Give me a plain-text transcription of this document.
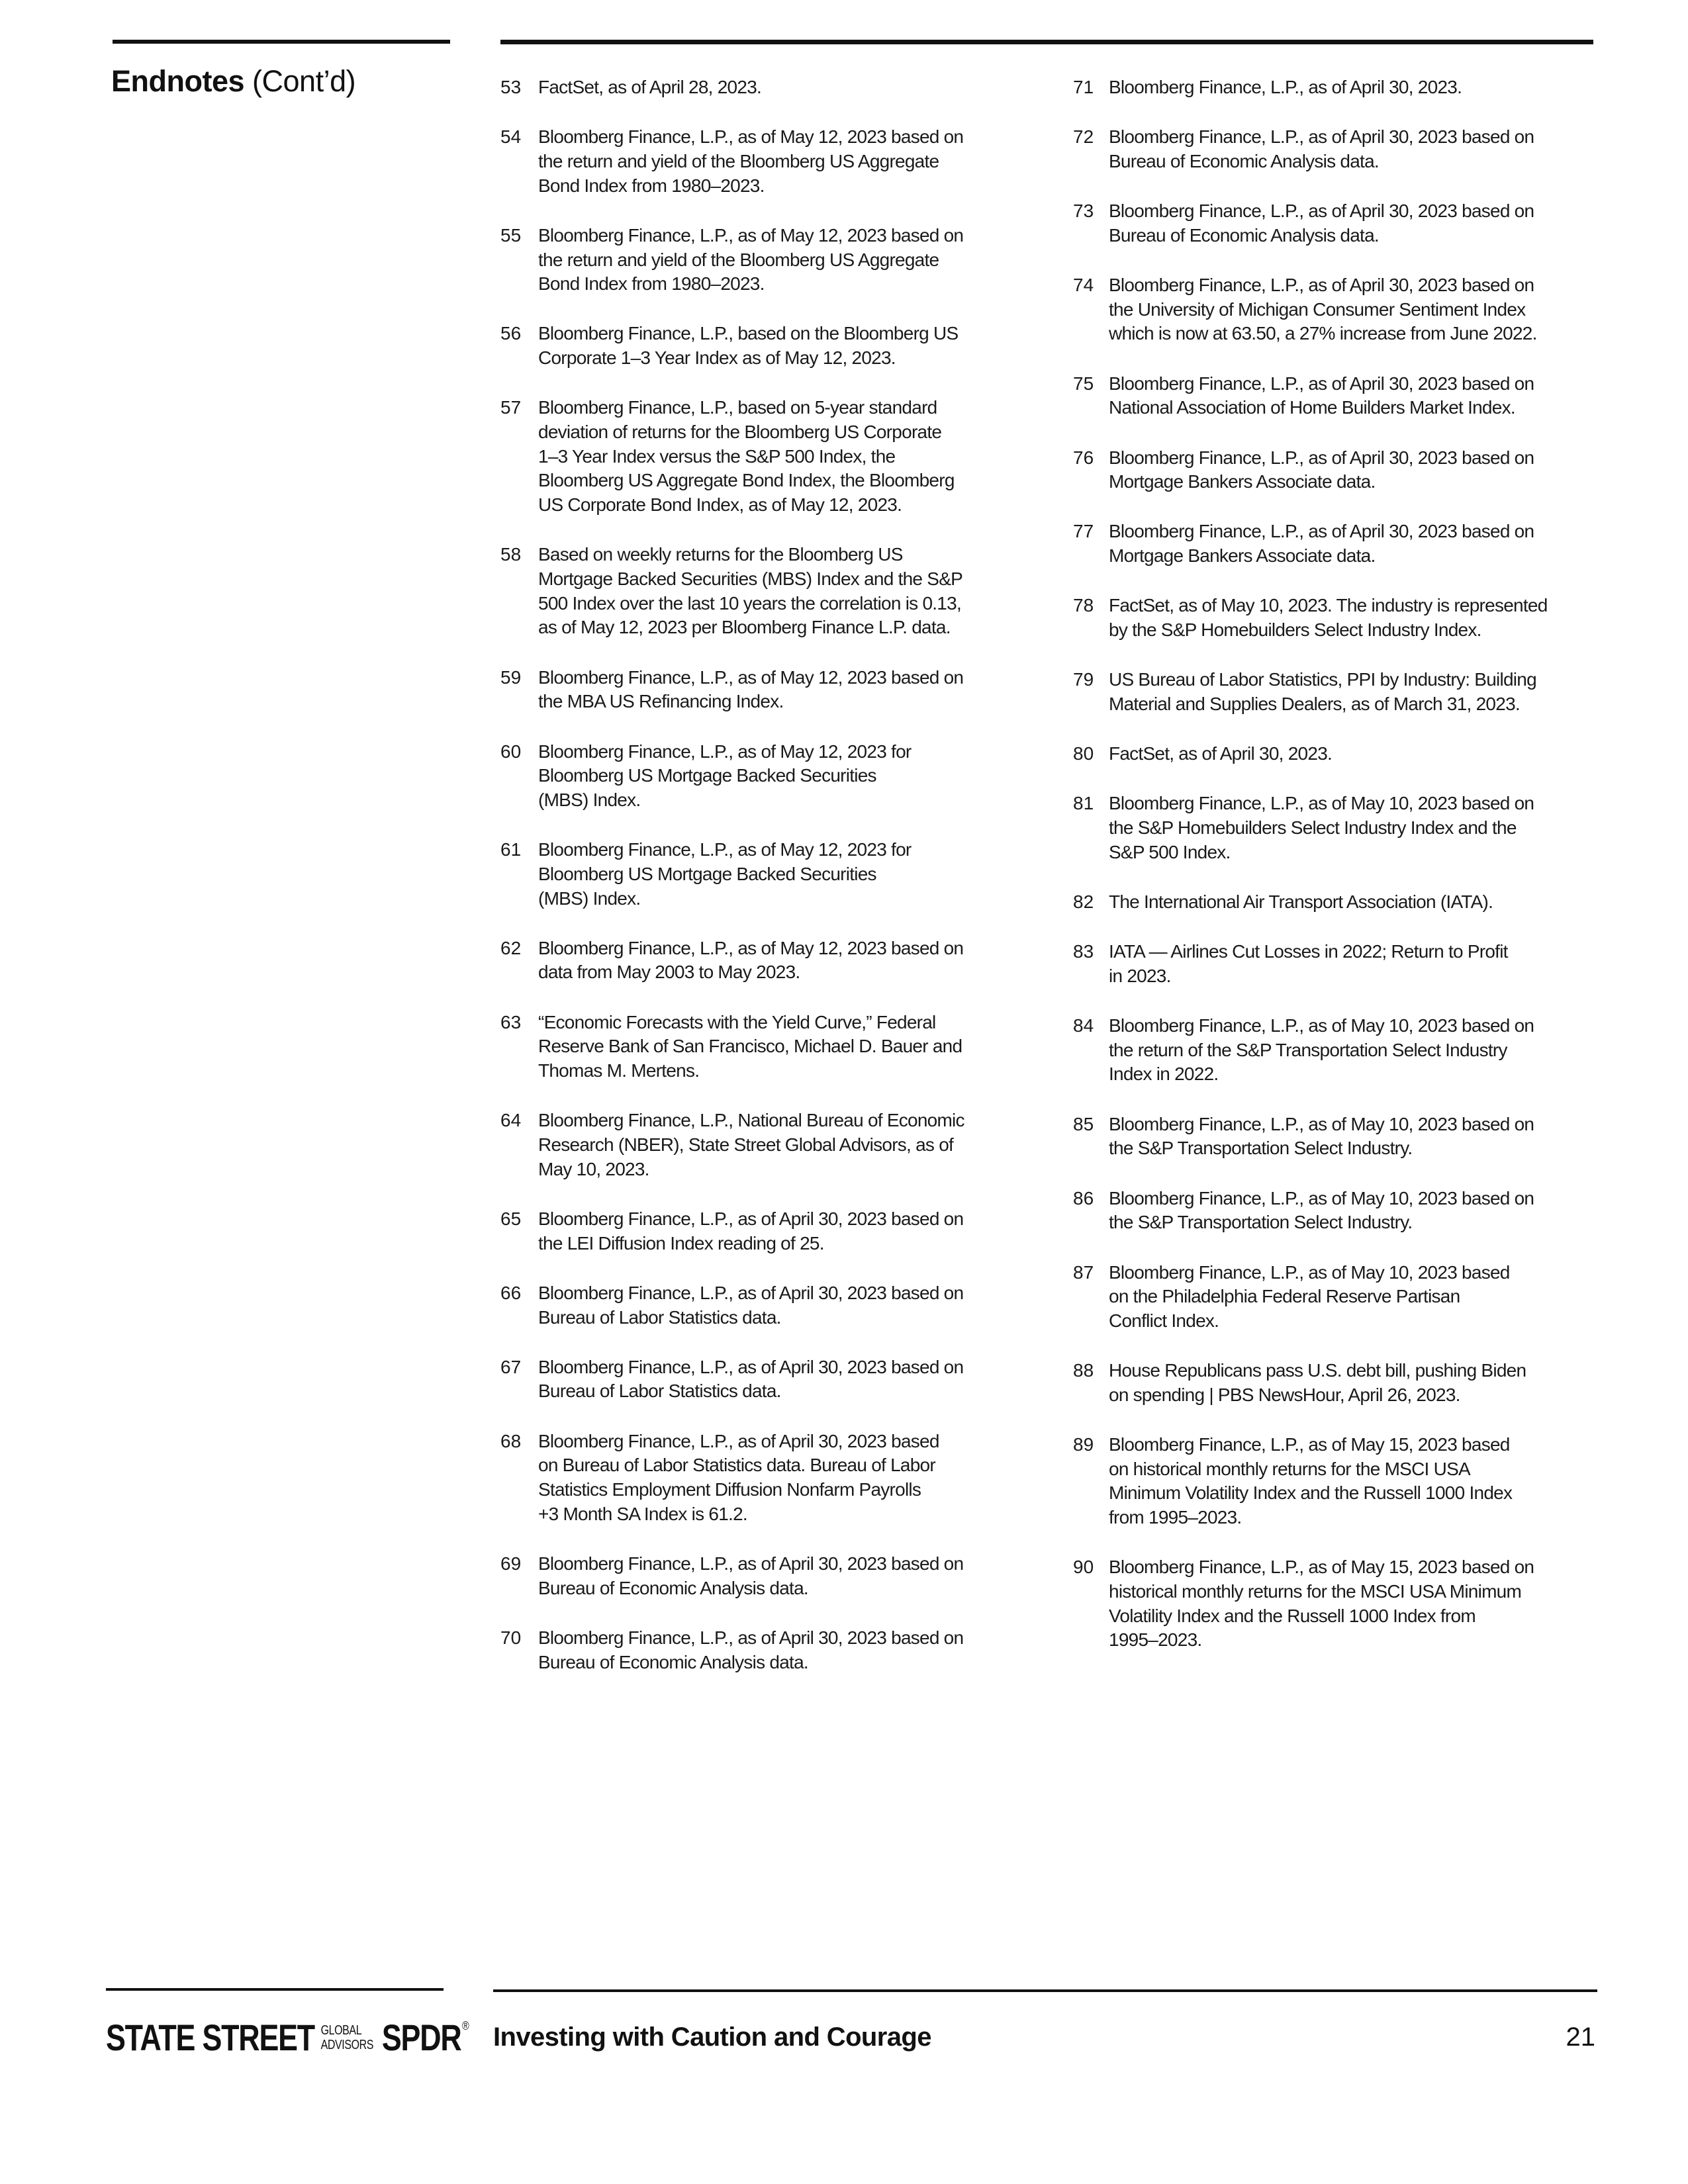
Endnotes (Cont’d)	53 FactSet, as of April 28, 2023.
54 Bloomberg Finance, L.P., as of May 12, 2023 based on
the return and yield of the Bloomberg US Aggregate
Bond Index from 1980–2023.
55 Bloomberg Finance, L.P., as of May 12, 2023 based on
the return and yield of the Bloomberg US Aggregate
Bond Index from 1980–2023.
56 Bloomberg Finance, L.P., based on the Bloomberg US
Corporate 1–3 Year Index as of May 12, 2023.
57 Bloomberg Finance, L.P., based on 5-year standard
deviation of returns for the Bloomberg US Corporate
1–3 Year Index versus the S&P 500 Index, the
Bloomberg US Aggregate Bond Index, the Bloomberg
US Corporate Bond Index, as of May 12, 2023.
58 Based on weekly returns for the Bloomberg US
Mortgage Backed Securities (MBS) Index and the S&P
500 Index over the last 10 years the correlation is 0.13,
as of May 12, 2023 per Bloomberg Finance L.P. data.
59 Bloomberg Finance, L.P., as of May 12, 2023 based on
the MBA US Refinancing Index.
60 Bloomberg Finance, L.P., as of May 12, 2023 for
Bloomberg US Mortgage Backed Securities
(MBS) Index.
61 Bloomberg Finance, L.P., as of May 12, 2023 for
Bloomberg US Mortgage Backed Securities
(MBS) Index.
62 Bloomberg Finance, L.P., as of May 12, 2023 based on
data from May 2003 to May 2023.
63 “Economic Forecasts with the Yield Curve,” Federal
Reserve Bank of San Francisco, Michael D. Bauer and
Thomas M. Mertens.
64 Bloomberg Finance, L.P., National Bureau of Economic
Research (NBER), State Street Global Advisors, as of
May 10, 2023.
65 Bloomberg Finance, L.P., as of April 30, 2023 based on
the LEI Diffusion Index reading of 25.
66 Bloomberg Finance, L.P., as of April 30, 2023 based on
Bureau of Labor Statistics data.
67 Bloomberg Finance, L.P., as of April 30, 2023 based on
Bureau of Labor Statistics data.
68 Bloomberg Finance, L.P., as of April 30, 2023 based
on Bureau of Labor Statistics data. Bureau of Labor
Statistics Employment Diffusion Nonfarm Payrolls
+3 Month SA Index is 61.2.
69 Bloomberg Finance, L.P., as of April 30, 2023 based on
Bureau of Economic Analysis data.
70 Bloomberg Finance, L.P., as of April 30, 2023 based on
Bureau of Economic Analysis data.
71 Bloomberg Finance, L.P., as of April 30, 2023.
72 Bloomberg Finance, L.P., as of April 30, 2023 based on
Bureau of Economic Analysis data.
73 Bloomberg Finance, L.P., as of April 30, 2023 based on
Bureau of Economic Analysis data.
74 Bloomberg Finance, L.P., as of April 30, 2023 based on
the University of Michigan Consumer Sentiment Index
which is now at 63.50, a 27% increase from June 2022.
75 Bloomberg Finance, L.P., as of April 30, 2023 based on
National Association of Home Builders Market Index.
76 Bloomberg Finance, L.P., as of April 30, 2023 based on
Mortgage Bankers Associate data.
77 Bloomberg Finance, L.P., as of April 30, 2023 based on
Mortgage Bankers Associate data.
78 FactSet, as of May 10, 2023. The industry is represented
by the S&P Homebuilders Select Industry Index.
79 US Bureau of Labor Statistics, PPI by Industry: Building
Material and Supplies Dealers, as of March 31, 2023.
80 FactSet, as of April 30, 2023.
81 Bloomberg Finance, L.P., as of May 10, 2023 based on
the S&P Homebuilders Select Industry Index and the
S&P 500 Index.
82 The International Air Transport Association (IATA).
83 IATA — Airlines Cut Losses in 2022; Return to Profit
in 2023.
84 Bloomberg Finance, L.P., as of May 10, 2023 based on
the return of the S&P Transportation Select Industry
Index in 2022.
85 Bloomberg Finance, L.P., as of May 10, 2023 based on
the S&P Transportation Select Industry.
86 Bloomberg Finance, L.P., as of May 10, 2023 based on
the S&P Transportation Select Industry.
87 Bloomberg Finance, L.P., as of May 10, 2023 based
on the Philadelphia Federal Reserve Partisan
Conflict Index.
88 House Republicans pass U.S. debt bill, pushing Biden
on spending | PBS NewsHour, April 26, 2023.
89 Bloomberg Finance, L.P., as of May 15, 2023 based
on historical monthly returns for the MSCI USA
Minimum Volatility Index and the Russell 1000 Index
from 1995–2023.
90 Bloomberg Finance, L.P., as of May 15, 2023 based on
historical monthly returns for the MSCI USA Minimum
Volatility Index and the Russell 1000 Index from
1995–2023.
STATE STREET GLOBAL
ADVISORS SPDR ® Investing with Caution and Courage	21
